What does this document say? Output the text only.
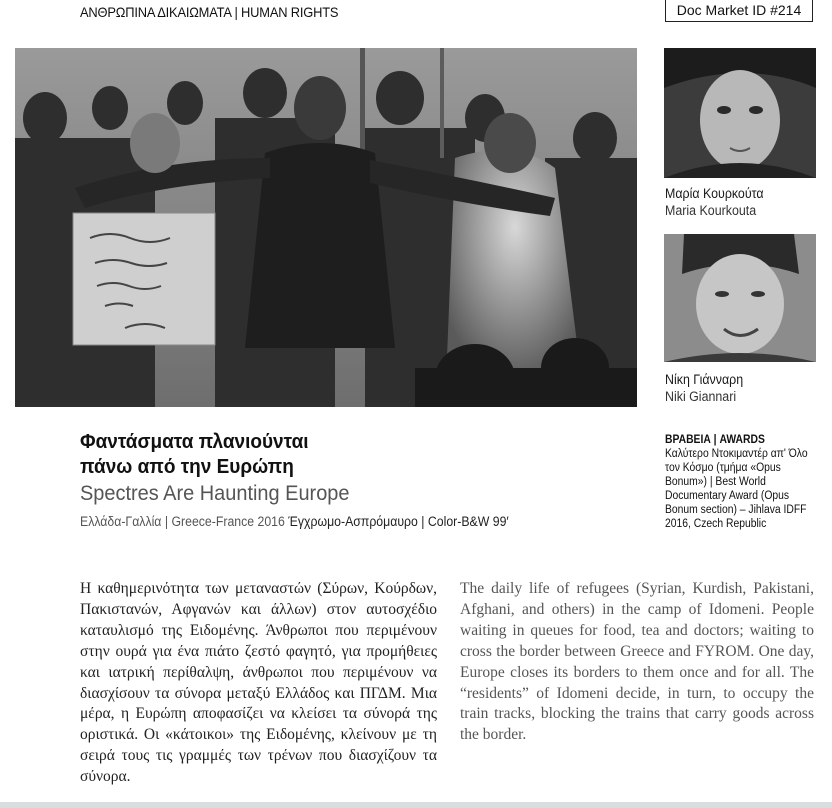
ΑΝΘΡΩΠΙΝΑ ΔΙΚΑΙΩΜΑΤΑ | HUMAN RIGHTS	Doc Market ID #214
Μαρία Κουρκούτα
Maria Kourkouta
Νίκη Γιάνναρη
Niki Giannari
Φαντάσματα πλανιούνται
πάνω από την Ευρώπη
Spectres Are Haunting Europe
Ελλάδα-Γαλλία | Greece-France 2016 Έγχρωμο-Ασπρόμαυρο | Color-B&W 99′
ΒΡΑΒΕΙΑ | AWARDS
Καλύτερο Ντοκιμαντέρ απ' Όλο τον Κόσμο (τμήμα «Opus Bonum») | Best World Documentary Award (Opus Bonum section) – Jihlava IDFF 2016, Czech Republic
Η καθημερινότητα των μεταναστών (Σύρων, Κούρδων, Πακιστανών, Αφγανών και άλλων) στον αυτοσχέδιο καταυλισμό της Ειδομένης. Άνθρωποι που περιμένουν στην ουρά για ένα πιάτο ζεστό φαγητό, για προμήθειες και ιατρική περίθαλψη, άνθρωποι που περιμένουν να διασχίσουν τα σύνορα μεταξύ Ελλάδος και ΠΓΔΜ. Μια μέρα, η Ευρώπη αποφασίζει να κλείσει τα σύνορά της οριστικά. Οι «κάτοικοι» της Ειδομένης, κλείνουν με τη σειρά τους τις γραμμές των τρένων που διασχίζουν τα σύνορα.
The daily life of refugees (Syrian, Kurdish, Pakistani, Afghani, and others) in the camp of Idomeni. People waiting in queues for food, tea and doctors; waiting to cross the border between Greece and FYROM. One day, Europe closes its borders to them once and for all. The “residents” of Idomeni decide, in turn, to occupy the train tracks, blocking the trains that carry goods across the border.
